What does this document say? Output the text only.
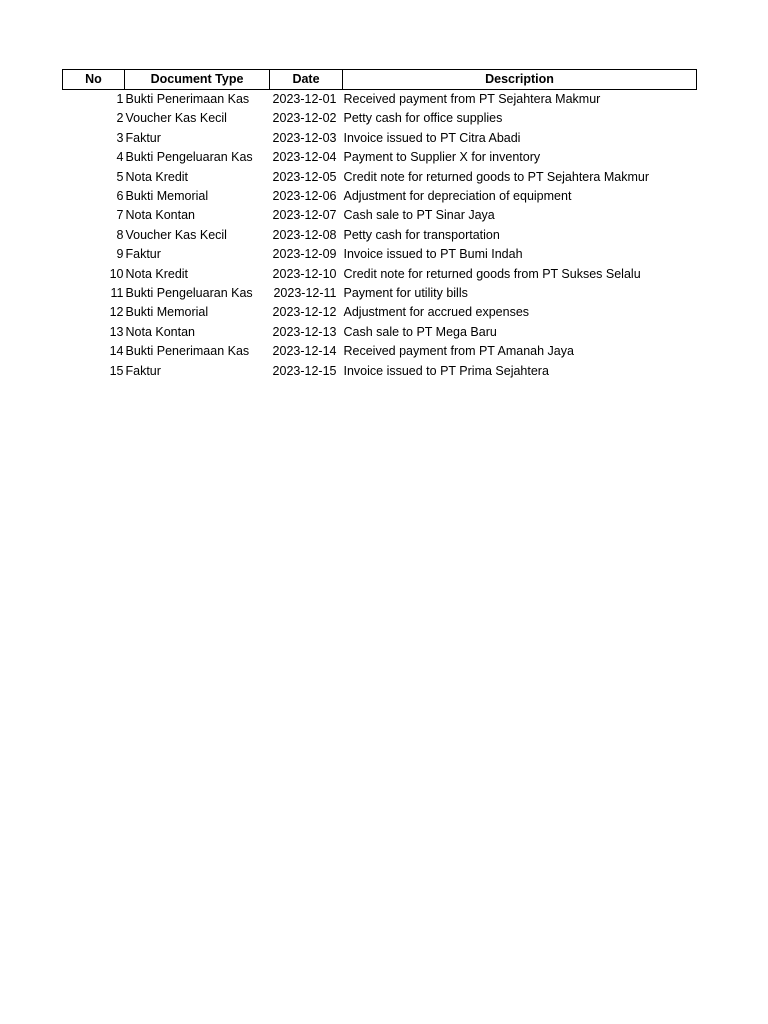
No	Document Type	Date	Description
1	Bukti Penerimaan Kas	2023-12-01	Received payment from PT Sejahtera Makmur
2	Voucher Kas Kecil	2023-12-02	Petty cash for office supplies
3	Faktur	2023-12-03	Invoice issued to PT Citra Abadi
4	Bukti Pengeluaran Kas	2023-12-04	Payment to Supplier X for inventory
5	Nota Kredit	2023-12-05	Credit note for returned goods to PT Sejahtera Makmur
6	Bukti Memorial	2023-12-06	Adjustment for depreciation of equipment
7	Nota Kontan	2023-12-07	Cash sale to PT Sinar Jaya
8	Voucher Kas Kecil	2023-12-08	Petty cash for transportation
9	Faktur	2023-12-09	Invoice issued to PT Bumi Indah
10	Nota Kredit	2023-12-10	Credit note for returned goods from PT Sukses Selalu
11	Bukti Pengeluaran Kas	2023-12-11	Payment for utility bills
12	Bukti Memorial	2023-12-12	Adjustment for accrued expenses
13	Nota Kontan	2023-12-13	Cash sale to PT Mega Baru
14	Bukti Penerimaan Kas	2023-12-14	Received payment from PT Amanah Jaya
15	Faktur	2023-12-15	Invoice issued to PT Prima Sejahtera
